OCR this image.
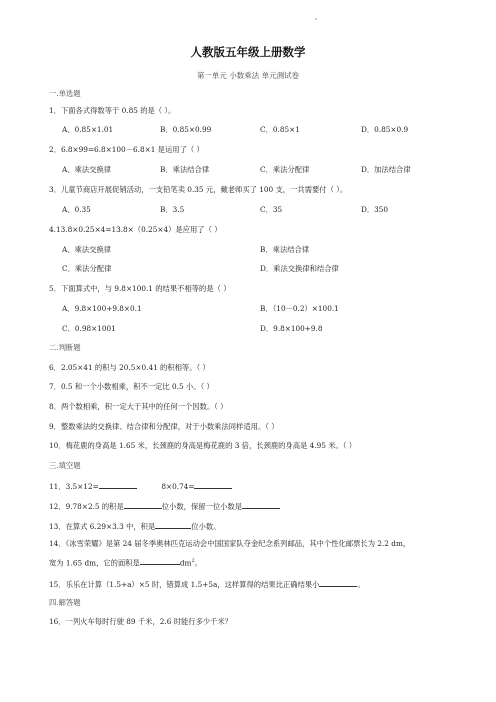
人教版五年级上册数学
第一单元 小数乘法 单元测试卷
一.单选题
1．下面各式得数等于 0.85 的是（ ）。
A．0.85×1.01	B．0.85×0.99	C．0.85×1	D．0.85×0.9
2．6.8×99=6.8×100－6.8×1 是运用了（ ）
A．乘法交换律	B．乘法结合律	C．乘法分配律	D．加法结合律
3．儿童节商店开展促销活动，一支铅笔卖 0.35 元，戴老师买了 100 支，一共需要付（ ）。
A．0.35	B．3.5	C．35	D．350
4.13.8×0.25×4=13.8×（0.25×4）是应用了（ ）
A．乘法交换律	B．乘法结合律
C．乘法分配律	D．乘法交换律和结合律
5．下面算式中，与 9.8×100.1 的结果不相等的是（ ）
A．9.8×100+9.8×0.1	B．（10－0.2）×100.1
C．0.98×1001	D．9.8×100+9.8
二.判断题
6．2.05×41 的积与 20.5×0.41 的积相等。（ ）
7．0.5 和一个小数相乘，积不一定比 0.5 小。（ ）
8．两个数相乘，积一定大于其中的任何一个因数。（ ）
9．整数乘法的交换律、结合律和分配律，对于小数乘法同样适用。（ ）
10．梅花鹿的身高是 1.65 米，长颈鹿的身高是梅花鹿的 3 倍，长颈鹿的身高是 4.95 米。（ ）
三.填空题
11．3.5×12=	8×0.74=
12．9.78×2.5 的积是	位小数，保留一位小数是
13．在算式 6.29×3.3 中，积是	位小数。
14．《冰雪荣耀》是第 24 届冬季奥林匹克运动会中国国家队夺金纪念系列邮品，其中个性化邮票长为 2.2 dm，
宽为 1.65 dm，它的面积是	$dm^2$。
15．乐乐在计算（1.5+a）×5 时，错算成 1.5+5a，这样算得的结果比正确结果小	。
四.解答题
16．一列火车每时行驶 89 千米，2.6 时能行多少千米？
